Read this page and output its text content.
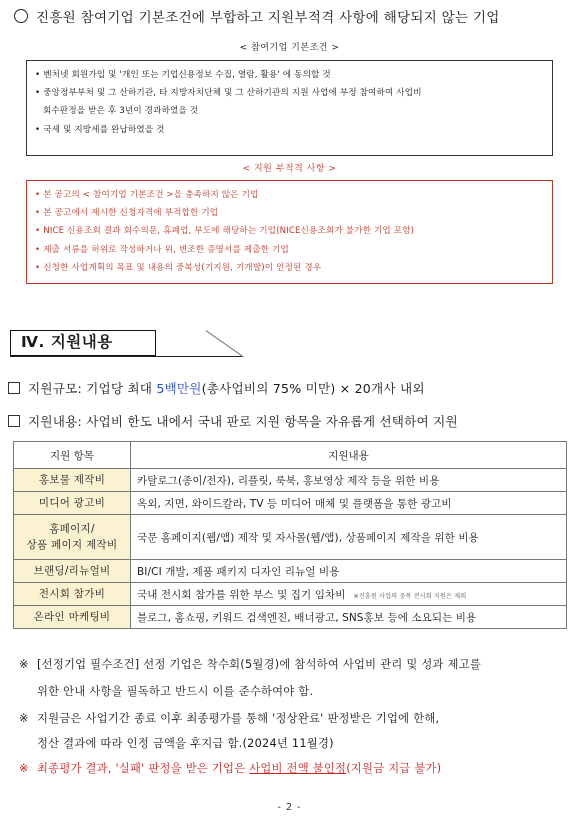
진흥원 참여기업 기본조건에 부합하고 지원부적격 사항에 해당되지 않는 기업
< 참여기업 기본조건 >
• 벤처넷 회원가입 및 '개인 또는 기업신용정보 수집, 열람, 활용' 에 동의할 것
• 중앙정부부처 및 그 산하기관, 타 지방자치단체 및 그 산하기관의 지원 사업에 부정 참여하여 사업비
회수판정을 받은 후 3년이 경과하였을 것
• 국세 및 지방세를 완납하였을 것
< 지원 부적격 사항 >
• 본 공고의 < 참여기업 기본조건 >을 충족하지 않은 기업
• 본 공고에서 제시한 신청자격에 부적합한 기업
• NICE 신용조회 결과 회수의문, 휴폐업, 부도에 해당하는 기업(NICE신용조회가 불가한 기업 포함)
• 제출 서류를 허위로 작성하거나 위, 변조한 증명서를 제출한 기업
• 신청한 사업계획의 목표 및 내용의 중복성(기지원, 기개발)이 인정된 경우
Ⅳ. 지원내용
지원규모: 기업당 최대 5백만원(총사업비의 75% 미만) × 20개사 내외
지원내용: 사업비 한도 내에서 국내 판로 지원 항목을 자유롭게 선택하여 지원
지원 항목	지원내용
홍보물 제작비	카탈로그(종이/전자), 리플릿, 룩북, 홍보영상 제작 등을 위한 비용
미디어 광고비	옥외, 지면, 와이드칼라, TV 등 미디어 매체 및 플랫폼을 통한 광고비

홈페이지/
상품 페이지 제작비	국문 홈페이지(웹/앱) 제작 및 자사몰(웹/앱), 상품페이지 제작을 위한 비용
브랜딩/리뉴얼비	BI/CI 개발, 제품 패키지 디자인 리뉴얼 비용
전시회 참가비	국내 전시회 참가를 위한 부스 및 집기 임차비 ※진흥원 사업의 중복 전시회 지원은 제외
온라인 마케팅비	블로그, 홈쇼핑, 키워드 검색엔진, 배너광고, SNS홍보 등에 소요되는 비용
※ [선정기업 필수조건] 선정 기업은 착수회(5월경)에 참석하여 사업비 관리 및 성과 제고를
위한 안내 사항을 필독하고 반드시 이를 준수하여야 함.
※ 지원금은 사업기간 종료 이후 최종평가를 통해 '정상완료' 판정받은 기업에 한해,
정산 결과에 따라 인정 금액을 후지급 함.(2024년 11월경)
※ 최종평가 결과, '실패' 판정을 받은 기업은 사업비 전액 불인정(지원금 지급 불가)
- 2 -
